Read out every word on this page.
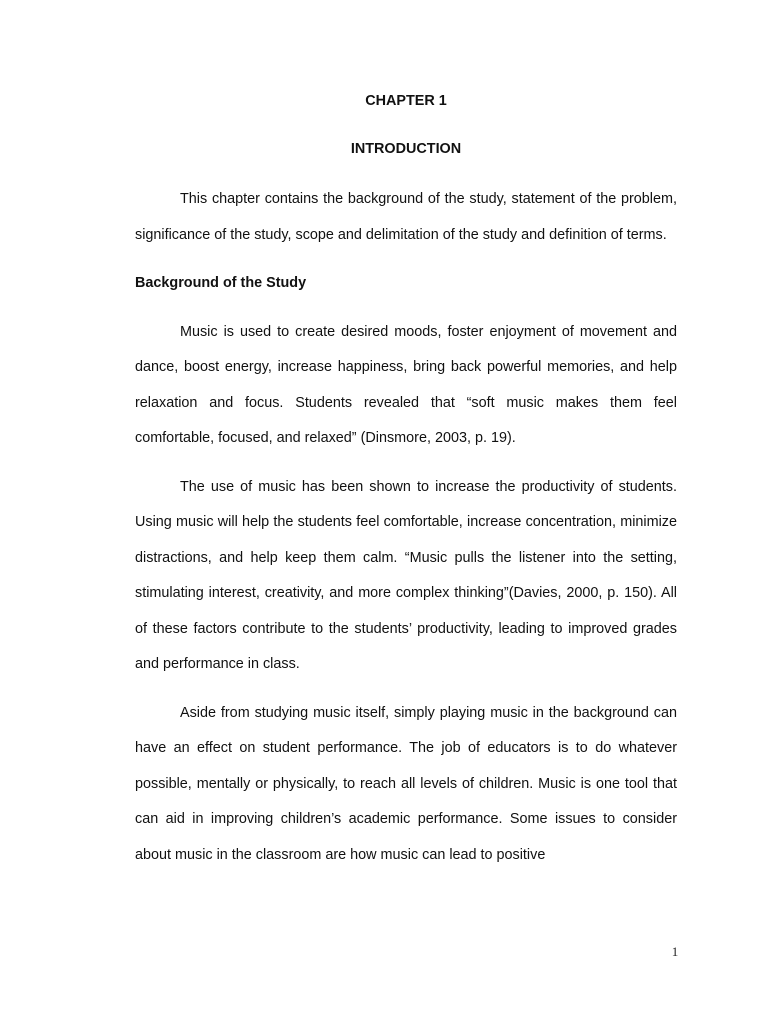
CHAPTER 1

INTRODUCTION

This chapter contains the background of the study, statement of the problem, significance of the study, scope and delimitation of the study and definition of terms.

Background of the Study

Music is used to create desired moods, foster enjoyment of movement and dance, boost energy, increase happiness, bring back powerful memories, and help relaxation and focus. Students revealed that “soft music makes them feel comfortable, focused, and relaxed” (Dinsmore, 2003, p. 19).

The use of music has been shown to increase the productivity of students. Using music will help the students feel comfortable, increase concentration, minimize distractions, and help keep them calm. “Music pulls the listener into the setting, stimulating interest, creativity, and more complex thinking”(Davies, 2000, p. 150). All of these factors contribute to the students’ productivity, leading to improved grades and performance in class.

Aside from studying music itself, simply playing music in the background can have an effect on student performance. The job of educators is to do whatever possible, mentally or physically, to reach all levels of children. Music is one tool that can aid in improving children’s academic performance. Some issues to consider about music in the classroom are how music can lead to positive

1
